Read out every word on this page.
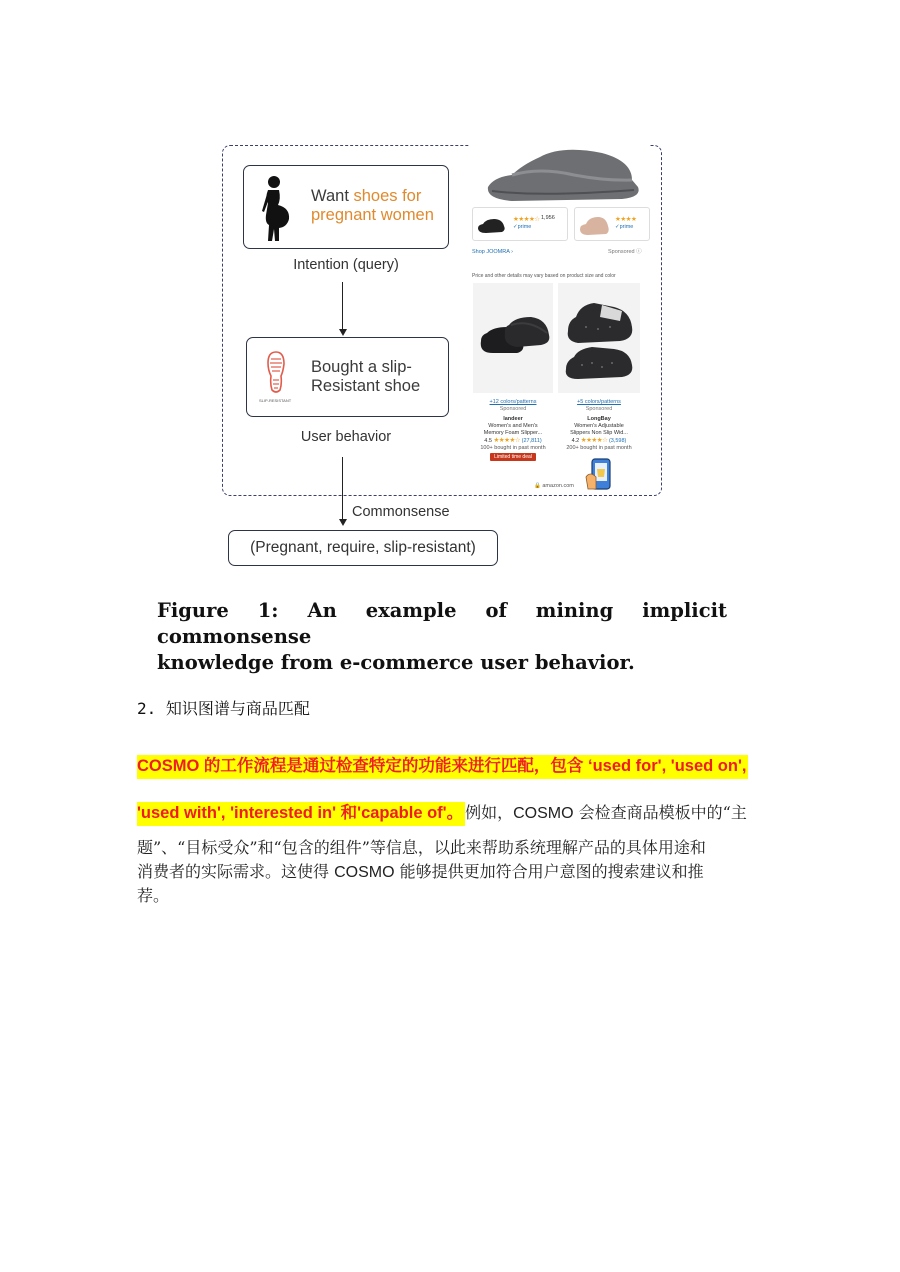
Want shoes for
pregnant women
Intention (query)
SLIP-RESISTANT
Bought a slip-
Resistant shoe
User behavior
Commonsense
(Pregnant, require, slip-resistant)
★★★★☆ 1,956
✓prime
★★★★
✓prime
Shop JOOMRA ›	Sponsored ⓘ
Price and other details may vary based on product size and color
+12 colors/patterns
Sponsored
landeer
Women's and Men's
Memory Foam Slipper...
4.5 ★★★★☆ (27,811)
100+ bought in past month
Limited time deal
+5 colors/patterns
Sponsored
LongBay
Women's Adjustable
Slippers Non Slip Wid...
4.2 ★★★★☆ (3,598)
200+ bought in past month
🔒 amazon.com
Figure 1: An example of mining implicit commonsense
knowledge from e-commerce user behavior.
2. 知识图谱与商品匹配
COSMO 的工作流程是通过检查特定的功能来进行匹配，包含 ‘used for', 'used on',
'used with', 'interested in' 和'capable of'。 例如，COSMO 会检查商品模板中的“主
题”、“目标受众”和“包含的组件”等信息，以此来帮助系统理解产品的具体用途和
消费者的实际需求。这使得 COSMO 能够提供更加符合用户意图的搜索建议和推
荐。
